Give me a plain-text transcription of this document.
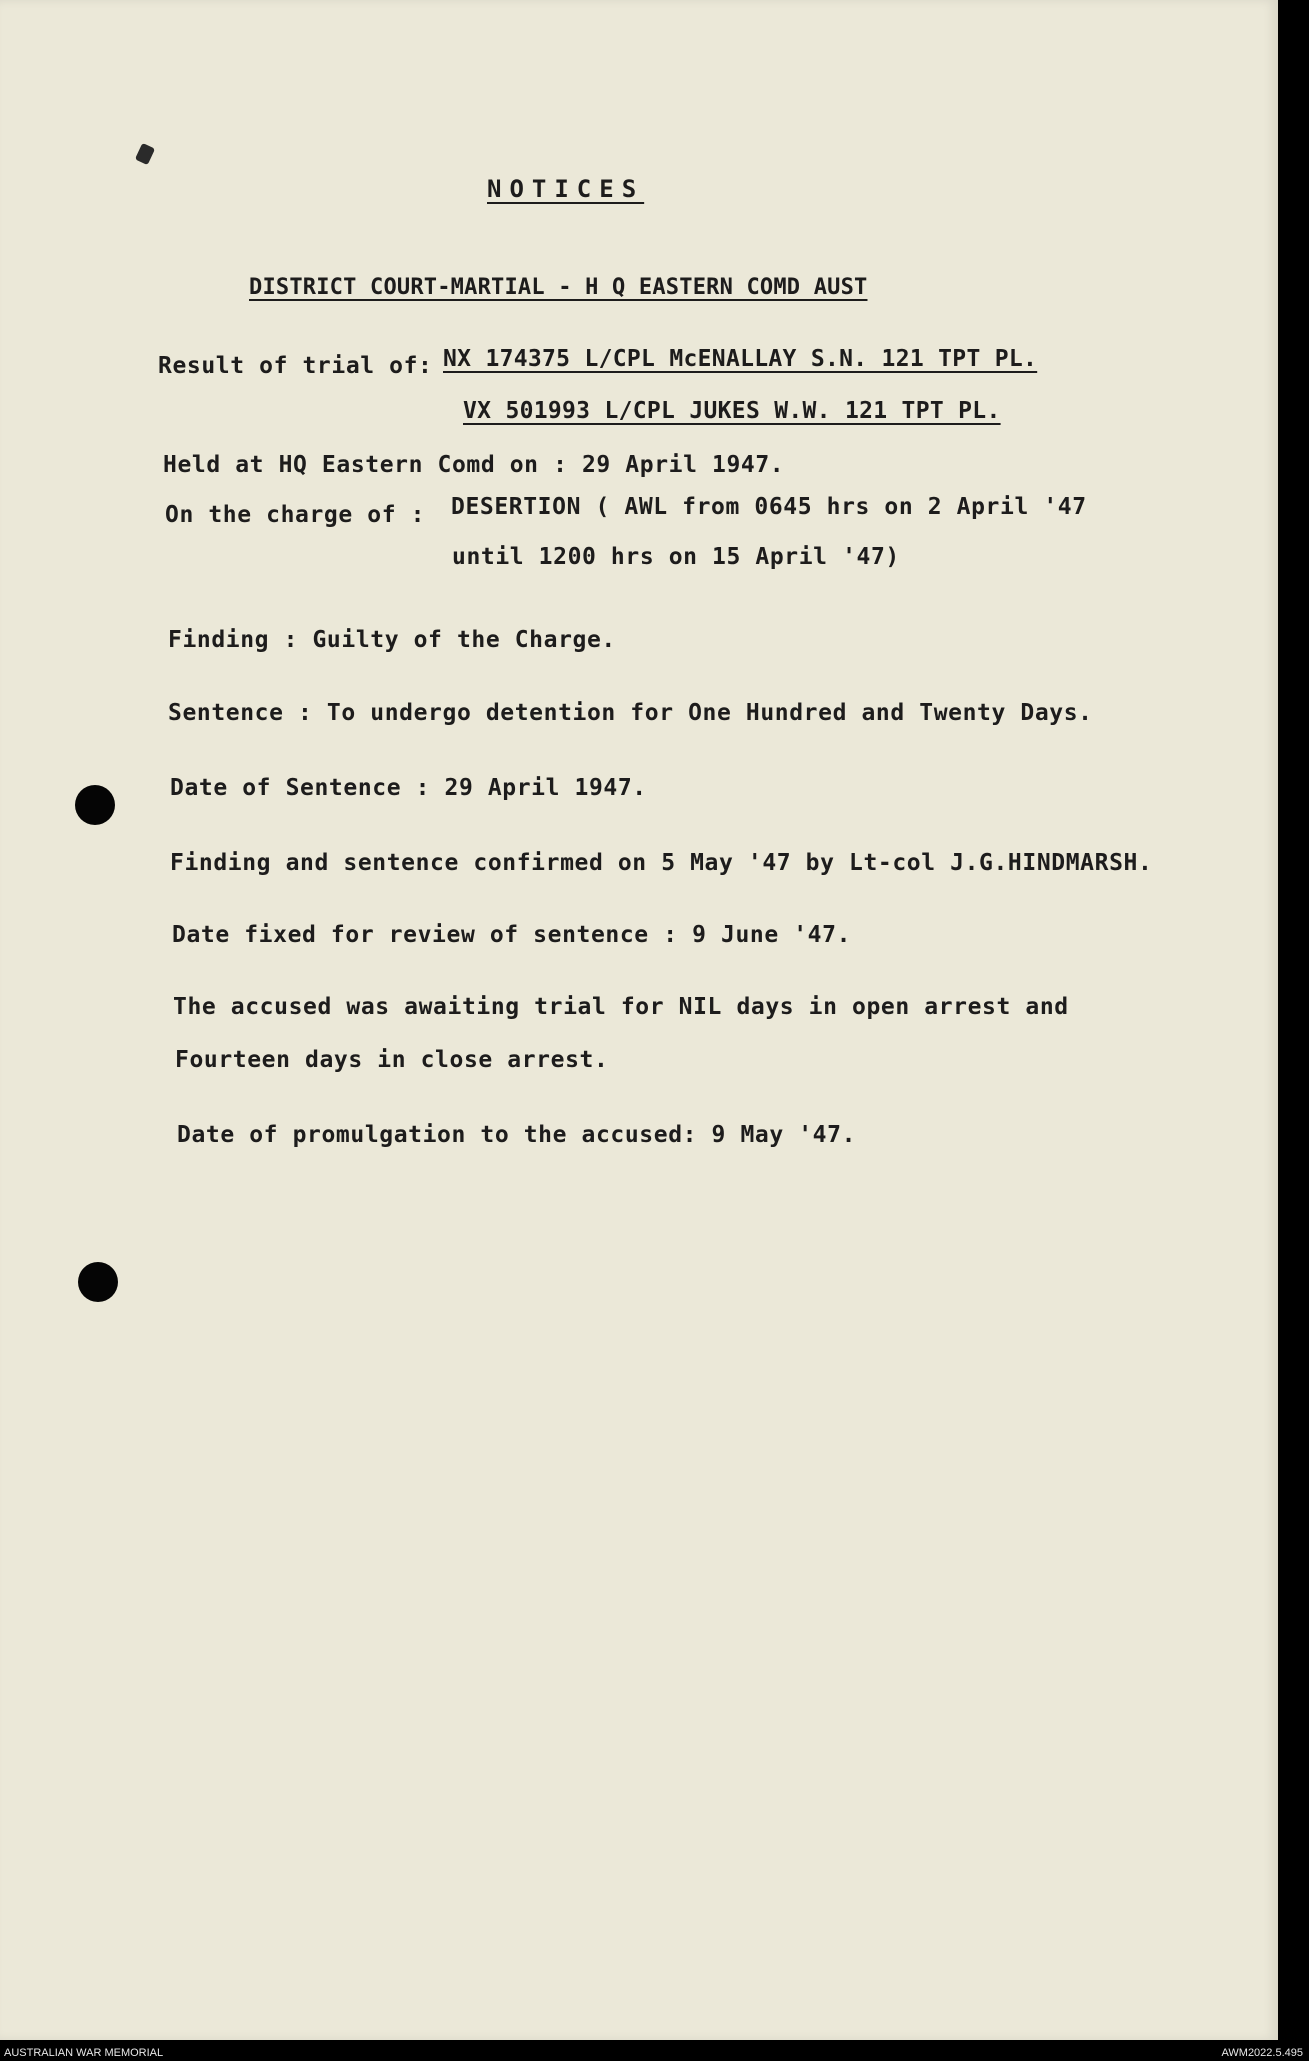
NOTICES
DISTRICT COURT-MARTIAL - H Q EASTERN COMD AUST
Result of trial of: NX 174375 L/CPL McENALLAY S.N. 121 TPT PL.
VX 501993 L/CPL JUKES W.W. 121 TPT PL.
Held at HQ Eastern Comd on : 29 April 1947.
On the charge of : DESERTION ( AWL from 0645 hrs on 2 April '47
until 1200 hrs on 15 April '47)
Finding : Guilty of the Charge.
Sentence : To undergo detention for One Hundred and Twenty Days.
Date of Sentence : 29 April 1947.
Finding and sentence confirmed on 5 May '47 by Lt-col J.G.HINDMARSH.
Date fixed for review of sentence : 9 June '47.
The accused was awaiting trial for NIL days in open arrest and
Fourteen days in close arrest.
Date of promulgation to the accused: 9 May '47.
AUSTRALIAN WAR MEMORIAL	AWM2022.5.495
